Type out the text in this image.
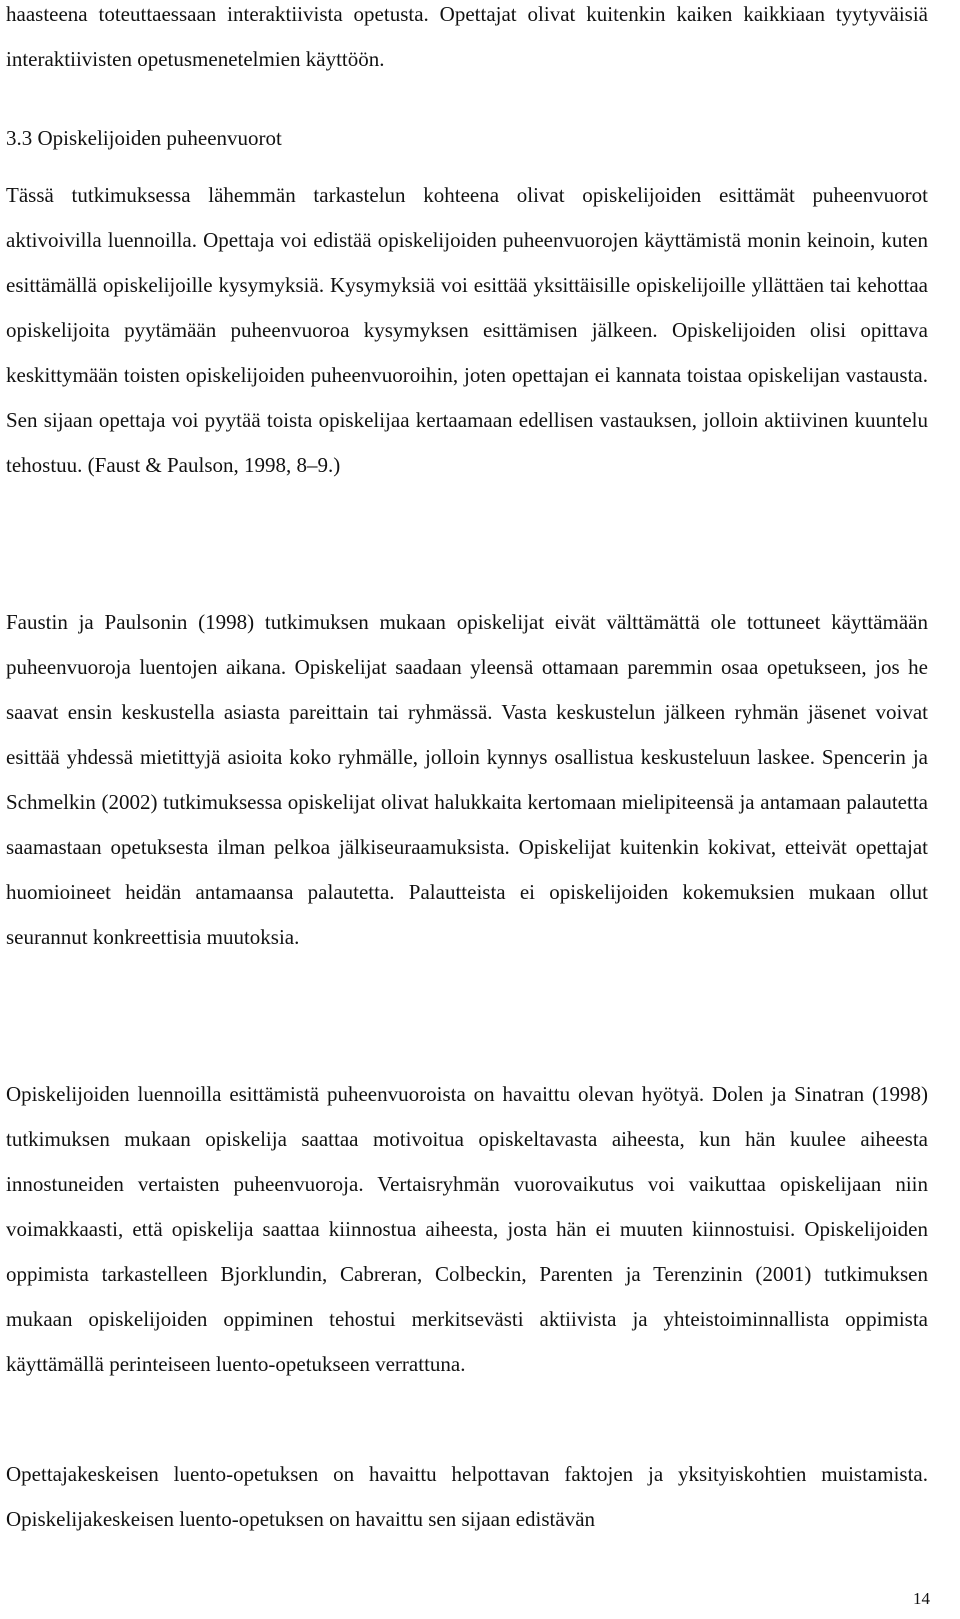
haasteena toteuttaessaan interaktiivista opetusta. Opettajat olivat kuitenkin kaiken kaikkiaan tyytyväisiä interaktiivisten opetusmenetelmien käyttöön.

3.3 Opiskelijoiden puheenvuorot

Tässä tutkimuksessa lähemmän tarkastelun kohteena olivat opiskelijoiden esittämät puheenvuorot aktivoivilla luennoilla. Opettaja voi edistää opiskelijoiden puheenvuorojen käyttämistä monin keinoin, kuten esittämällä opiskelijoille kysymyksiä. Kysymyksiä voi esittää yksittäisille opiskelijoille yllättäen tai kehottaa opiskelijoita pyytämään puheenvuoroa kysymyksen esittämisen jälkeen. Opiskelijoiden olisi opittava keskittymään toisten opiskelijoiden puheenvuoroihin, joten opettajan ei kannata toistaa opiskelijan vastausta. Sen sijaan opettaja voi pyytää toista opiskelijaa kertaamaan edellisen vastauksen, jolloin aktiivinen kuuntelu tehostuu. (Faust & Paulson, 1998, 8–9.)

Faustin ja Paulsonin (1998) tutkimuksen mukaan opiskelijat eivät välttämättä ole tottuneet käyttämään puheenvuoroja luentojen aikana. Opiskelijat saadaan yleensä ottamaan paremmin osaa opetukseen, jos he saavat ensin keskustella asiasta pareittain tai ryhmässä. Vasta keskustelun jälkeen ryhmän jäsenet voivat esittää yhdessä mietittyjä asioita koko ryhmälle, jolloin kynnys osallistua keskusteluun laskee. Spencerin ja Schmelkin (2002) tutkimuksessa opiskelijat olivat halukkaita kertomaan mielipiteensä ja antamaan palautetta saamastaan opetuksesta ilman pelkoa jälkiseuraamuksista. Opiskelijat kuitenkin kokivat, etteivät opettajat huomioineet heidän antamaansa palautetta. Palautteista ei opiskelijoiden kokemuksien mukaan ollut seurannut konkreettisia muutoksia.

Opiskelijoiden luennoilla esittämistä puheenvuoroista on havaittu olevan hyötyä. Dolen ja Sinatran (1998) tutkimuksen mukaan opiskelija saattaa motivoitua opiskeltavasta aiheesta, kun hän kuulee aiheesta innostuneiden vertaisten puheenvuoroja. Vertaisryhmän vuorovaikutus voi vaikuttaa opiskelijaan niin voimakkaasti, että opiskelija saattaa kiinnostua aiheesta, josta hän ei muuten kiinnostuisi. Opiskelijoiden oppimista tarkastelleen Bjorklundin, Cabreran, Colbeckin, Parenten ja Terenzinin (2001) tutkimuksen mukaan opiskelijoiden oppiminen tehostui merkitsevästi aktiivista ja yhteistoiminnallista oppimista käyttämällä perinteiseen luento-opetukseen verrattuna.

Opettajakeskeisen luento-opetuksen on havaittu helpottavan faktojen ja yksityiskohtien muistamista. Opiskelijakeskeisen luento-opetuksen on havaittu sen sijaan edistävän

14
